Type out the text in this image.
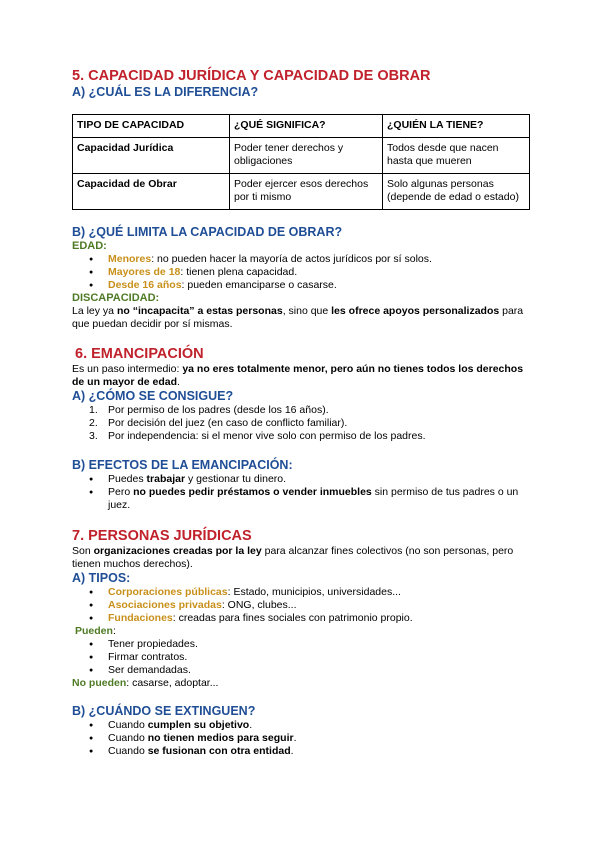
5. CAPACIDAD JURÍDICA Y CAPACIDAD DE OBRAR

A) ¿CUÁL ES LA DIFERENCIA?

TIPO DE CAPACIDAD	¿QUÉ SIGNIFICA?	¿QUIÉN LA TIENE?
Capacidad Jurídica	Poder tener derechos y obligaciones	Todos desde que nacen hasta que mueren
Capacidad de Obrar	Poder ejercer esos derechos por ti mismo	Solo algunas personas (depende de edad o estado)

B) ¿QUÉ LIMITA LA CAPACIDAD DE OBRAR?

EDAD:

● Menores: no pueden hacer la mayoría de actos jurídicos por sí solos.
● Mayores de 18: tienen plena capacidad.
● Desde 16 años: pueden emanciparse o casarse.

DISCAPACIDAD:

La ley ya no “incapacita” a estas personas, sino que les ofrece apoyos personalizados para que puedan decidir por sí mismas.

6. EMANCIPACIÓN

Es un paso intermedio: ya no eres totalmente menor, pero aún no tienes todos los derechos de un mayor de edad.

A) ¿CÓMO SE CONSIGUE?

1. Por permiso de los padres (desde los 16 años).
2. Por decisión del juez (en caso de conflicto familiar).
3. Por independencia: si el menor vive solo con permiso de los padres.

B) EFECTOS DE LA EMANCIPACIÓN:

● Puedes trabajar y gestionar tu dinero.
● Pero no puedes pedir préstamos o vender inmuebles sin permiso de tus padres o un juez.

7. PERSONAS JURÍDICAS

Son organizaciones creadas por la ley para alcanzar fines colectivos (no son personas, pero tienen muchos derechos).

A) TIPOS:

● Corporaciones públicas: Estado, municipios, universidades...
● Asociaciones privadas: ONG, clubes...
● Fundaciones: creadas para fines sociales con patrimonio propio.

Pueden:

● Tener propiedades.
● Firmar contratos.
● Ser demandadas.

No pueden: casarse, adoptar...

B) ¿CUÁNDO SE EXTINGUEN?

● Cuando cumplen su objetivo.
● Cuando no tienen medios para seguir.
● Cuando se fusionan con otra entidad.
